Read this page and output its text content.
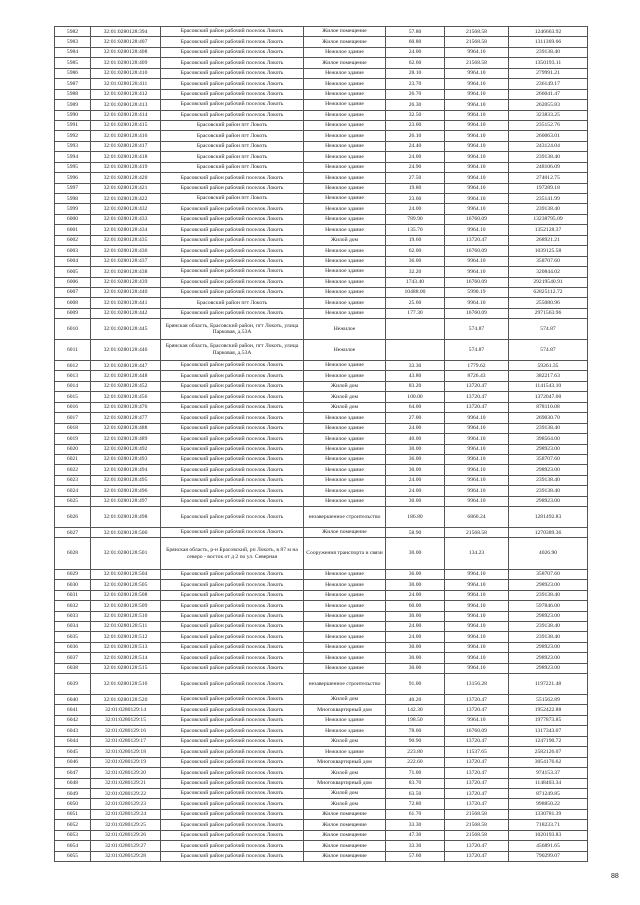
5982	32:01:0280128:394	Брасовский район рабочий поселок Локоть	Жилое помещение	57.80	21568.58	1246663.92
5983	32:01:0280128:407	Брасовский район рабочий поселок Локоть	Жилое помещение	60.80	21568.58	1311369.66
5984	32:01:0280128:408	Брасовский район рабочий поселок Локоть	Нежилое здание	24.00	9964.10	239138.40
5985	32:01:0280128:409	Брасовский район рабочий поселок Локоть	Жилое помещение	62.60	21568.58	1350193.11
5986	32:01:0280128:410	Брасовский район рабочий поселок Локоть	Нежилое здание	28.10	9964.10	279991.21
5987	32:01:0280128:411	Брасовский район рабочий поселок Локоть	Нежилое здание	23.70	9964.10	236149.17
5988	32:01:0280128:412	Брасовский район рабочий поселок Локоть	Нежилое здание	26.70	9964.10	266041.47
5989	32:01:0280128:413	Брасовский район рабочий поселок Локоть	Нежилое здание	26.30	9964.10	262055.83
5990	32:01:0280128:414	Брасовский район рабочий поселок Локоть	Нежилое здание	32.50	9964.10	323833.25
5991	32:01:0280128:415	Брасовский район пгт Локоть	Нежилое здание	23.60	9964.10	235152.76
5992	32:01:0280128:416	Брасовский район пгт Локоть	Нежилое здание	26.10	9964.10	260063.01
5993	32:01:0280128:417	Брасовский район пгт Локоть	Нежилое здание	24.40	9964.10	243124.04
5994	32:01:0280128:418	Брасовский район пгт Локоть	Нежилое здание	24.00	9964.10	239138.40
5995	32:01:0280128:419	Брасовский район пгт Локоть	Нежилое здание	24.90	9964.10	248106.09
5996	32:01:0280128:420	Брасовский район рабочий поселок Локоть	Нежилое здание	27.50	9964.10	274012.75
5997	32:01:0280128:421	Брасовский район рабочий поселок Локоть	Нежилое здание	19.80	9964.10	197289.18
5998	32:01:0280128:422	Брасовский район пгт Локоть	Нежилое здание	23.60	9964.10	235141.99
5999	32:01:0280128:432	Брасовский район рабочий поселок Локоть	Нежилое здание	24.00	9964.10	239138.40
6000	32:01:0280128:433	Брасовский район рабочий поселок Локоть	Нежилое здание	789.90	16760.09	13238795.09
6001	32:01:0280128:434	Брасовский район рабочий поселок Локоть	Нежилое здание	135.70	9964.10	1352128.37
6002	32:01:0280128:435	Брасовский район рабочий поселок Локоть	Жилой дом	19.60	13720.47	268921.21
6003	32:01:0280128:436	Брасовский район рабочий поселок Локоть	Нежилое здание	62.00	16760.09	1039125.58
6004	32:01:0280128:437	Брасовский район рабочий поселок Локоть	Нежилое здание	36.00	9964.10	358707.60
6005	32:01:0280128:438	Брасовский район рабочий поселок Локоть	Нежилое здание	32.20	9964.10	320844.02
6006	32:01:0280128:439	Брасовский район рабочий поселок Локоть	Нежилое здание	1743.40	16760.09	29219540.91
6007	32:01:0280128:440	Брасовский район рабочий поселок Локоть	Нежилое здание	10488.00	5990.19	62825112.72
6008	32:01:0280128:441	Брасовский район пгт Локоть	Нежилое здание	25.60	9964.10	255080.96
6009	32:01:0280128:442	Брасовский район рабочий поселок Локоть	Нежилое здание	177.30	16760.09	2971563.96
6010	32:01:0280128:445	Брянская область, Брасовский район, пгт Локоть, улица Парковая, д.53А	Нежилое		574.87	574.87
6011	32:01:0280128:446	Брянская область, Брасовский район, пгт Локоть, улица Парковая, д.53А	Нежилое		574.87	574.87
6012	32:01:0280128:447	Брасовский район рабочий поселок Локоть	Нежилое здание	33.30	1779.62	59261.35
6013	32:01:0280128:448	Брасовский район рабочий поселок Локоть	Нежилое здание	43.80	8726.43	382217.63
6014	32:01:0280128:452	Брасовский район рабочий поселок Локоть	Жилой дом	83.20	13720.47	1141543.10
6015	32:01:0280128:456	Брасовский район рабочий поселок Локоть	Жилой дом	100.00	13720.47	1372047.00
6016	32:01:0280128:476	Брасовский район рабочий поселок Локоть	Жилой дом	64.00	13720.47	878110.08
6017	32:01:0280128:477	Брасовский район рабочий поселок Локоть	Нежилое здание	27.00	9964.10	269030.70
6018	32:01:0280128:488	Брасовский район рабочий поселок Локоть	Нежилое здание	24.00	9964.10	239138.40
6019	32:01:0280128:489	Брасовский район рабочий поселок Локоть	Нежилое здание	40.00	9964.10	398564.00
6020	32:01:0280128:492	Брасовский район рабочий поселок Локоть	Нежилое здание	30.00	9964.10	298923.00
6021	32:01:0280128:493	Брасовский район рабочий поселок Локоть	Нежилое здание	36.00	9964.10	358707.60
6022	32:01:0280128:494	Брасовский район рабочий поселок Локоть	Нежилое здание	30.00	9964.10	298923.00
6023	32:01:0280128:495	Брасовский район рабочий поселок Локоть	Нежилое здание	24.00	9964.10	239138.40
6024	32:01:0280128:496	Брасовский район рабочий поселок Локоть	Нежилое здание	24.00	9964.10	239138.40
6025	32:01:0280128:497	Брасовский район рабочий поселок Локоть	Нежилое здание	30.00	9964.10	298923.00
6026	32:01:0280128:498	Брасовский район рабочий поселок Локоть	незавершенное строительство	186.80	6860.24	1281492.83
6027	32:01:0280128:500	Брасовский район рабочий поселок Локоть	Жилое помещение	58.90	21568.58	1270389.36
6028	32:01:0280128:501	Брянская область, р-н Брасовский, рп Локоть, в 87 м на северо - восток от д 2 по ул. Северная	Сооружения транспорта и связи	30.00	134.23	4026.90
6029	32:01:0280128:504	Брасовский район рабочий поселок Локоть	Нежилое здание	36.00	9964.10	358707.60
6030	32:01:0280128:505	Брасовский район рабочий поселок Локоть	Нежилое здание	30.00	9964.10	298923.00
6031	32:01:0280128:508	Брасовский район рабочий поселок Локоть	Нежилое здание	24.00	9964.10	239138.40
6032	32:01:0280128:509	Брасовский район рабочий поселок Локоть	Нежилое здание	60.00	9964.10	597846.00
6033	32:01:0280128:510	Брасовский район рабочий поселок Локоть	Нежилое здание	30.00	9964.10	298923.00
6034	32:01:0280128:511	Брасовский район рабочий поселок Локоть	Нежилое здание	24.00	9964.10	239138.40
6035	32:01:0280128:512	Брасовский район рабочий поселок Локоть	Нежилое здание	24.00	9964.10	239138.40
6036	32:01:0280128:513	Брасовский район рабочий поселок Локоть	Нежилое здание	30.00	9964.10	298923.00
6037	32:01:0280128:514	Брасовский район рабочий поселок Локоть	Нежилое здание	30.00	9964.10	298923.00
6038	32:01:0280128:515	Брасовский район рабочий поселок Локоть	Нежилое здание	30.00	9964.10	298923.00
6039	32:01:0280128:516	Брасовский район рабочий поселок Локоть	незавершенное строительство	91.00	13156.28	1197221.48
6040	32:01:0280128:520	Брасовский район рабочий поселок Локоть	Жилой дом	40.20	13720.47	551562.89
6041	32:01:0280129:14	Брасовский район рабочий поселок Локоть	Многоквартирный дом	142.30	13720.47	1952422.88
6042	32:01:0280129:15	Брасовский район рабочий поселок Локоть	Нежилое здание	198.50	9964.10	1977873.85
6043	32:01:0280129:16	Брасовский район рабочий поселок Локоть	Нежилое здание	78.60	16760.09	1317343.07
6044	32:01:0280129:17	Брасовский район рабочий поселок Локоть	Жилой дом	90.90	13720.47	1247190.72
6045	32:01:0280129:18	Брасовский район рабочий поселок Локоть	Нежилое здание	223.80	11537.65	2582126.07
6046	32:01:0280129:19	Брасовский район рабочий поселок Локоть	Многоквартирный дом	222.60	13720.47	3054176.62
6047	32:01:0280129:20	Брасовский район рабочий поселок Локоть	Жилой дом	71.00	13720.47	974153.37
6048	32:01:0280129:21	Брасовский район рабочий поселок Локоть	Многоквартирный дом	83.70	13720.47	1148403.34
6049	32:01:0280129:22	Брасовский район рабочий поселок Локоть	Жилой дом	63.50	13720.47	871249.85
6050	32:01:0280129:23	Брасовский район рабочий поселок Локоть	Жилой дом	72.80	13720.47	998850.22
6051	32:01:0280129:24	Брасовский район рабочий поселок Локоть	Жилое помещение	61.70	21568.58	1330781.39
6052	32:01:0280129:25	Брасовский район рабочий поселок Локоть	Жилое помещение	33.30	21568.58	718233.71
6053	32:01:0280129:26	Брасовский район рабочий поселок Локоть	Жилое помещение	47.30	21568.58	1020193.83
6054	32:01:0280129:27	Брасовский район рабочий поселок Локоть	Жилое помещение	33.30	13720.47	456891.65
6055	32:01:0280129:28	Брасовский район рабочий поселок Локоть	Жилое помещение	57.60	13720.47	790299.07
88
